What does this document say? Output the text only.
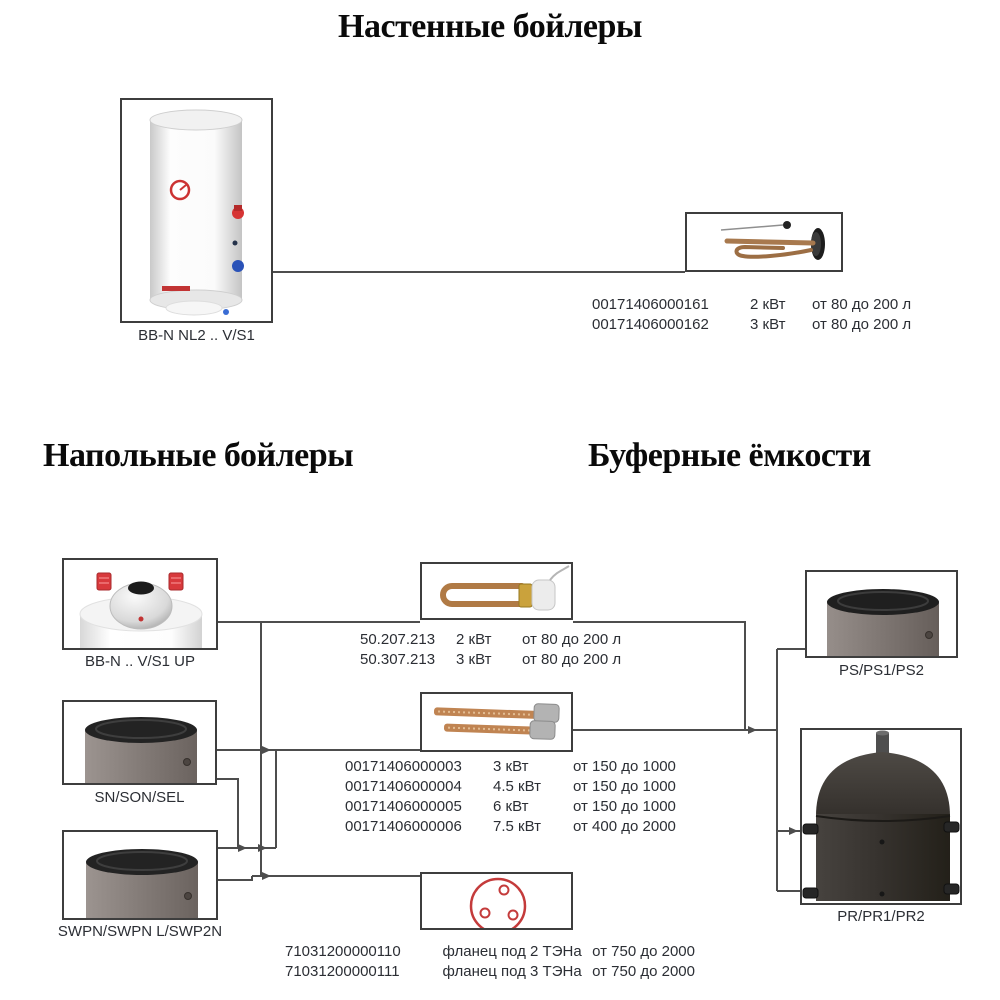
Настенные бойлеры
Напольные бойлеры	Буферные ёмкости
BB-N NL2 .. V/S1
00171406000161	2 кВт	от 80 до 200 л
00171406000162	3 кВт	от 80 до 200 л
BB-N .. V/S1 UP
SN/SON/SEL
SWPN/SWPN L/SWP2N
50.207.213	2 кВт	от 80 до 200 л
50.307.213	3 кВт	от 80 до 200 л
00171406000003	3 кВт	от 150 до 1000
00171406000004	4.5 кВт	от 150 до 1000
00171406000005	6 кВт	от 150 до 1000
00171406000006	7.5 кВт	от 400 до 2000
71031200000110	фланец под 2 ТЭНа от 750 до 2000
71031200000111	фланец под 3 ТЭНа от 750 до 2000
PS/PS1/PS2
PR/PR1/PR2
